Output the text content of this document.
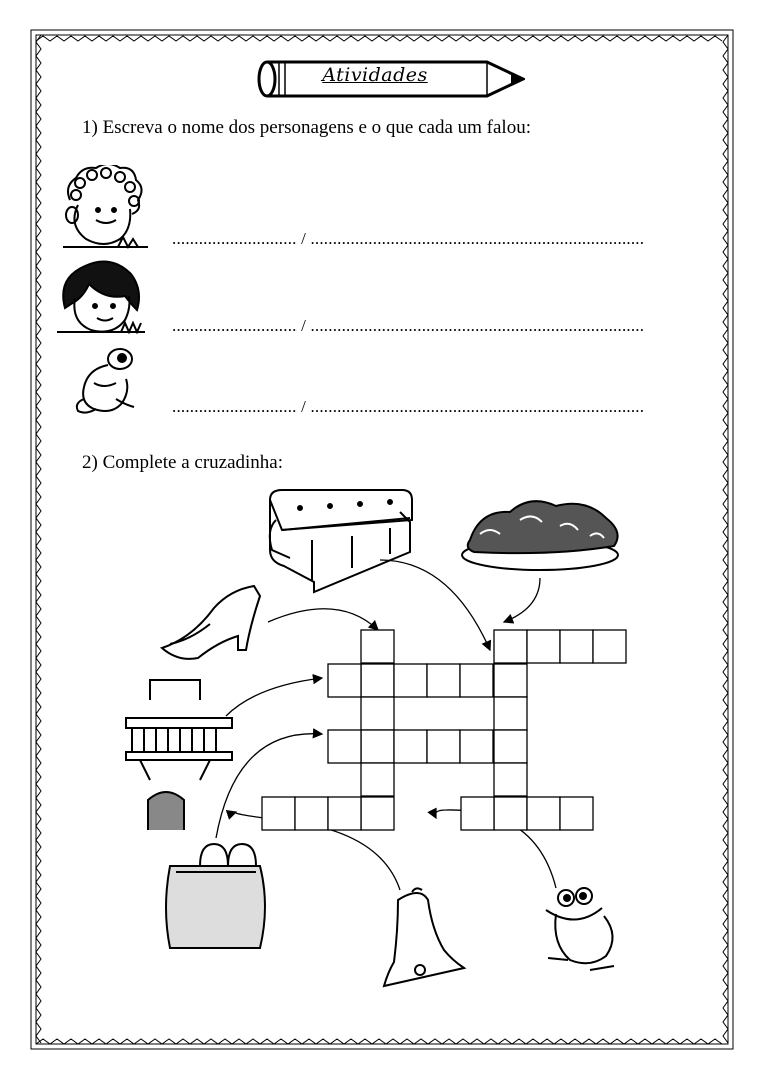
Atividades
1) Escreva o nome dos personagens e o que cada um falou:
............................ / ...........................................................................
............................ / ...........................................................................
............................ / ...........................................................................
2) Complete a cruzadinha:
